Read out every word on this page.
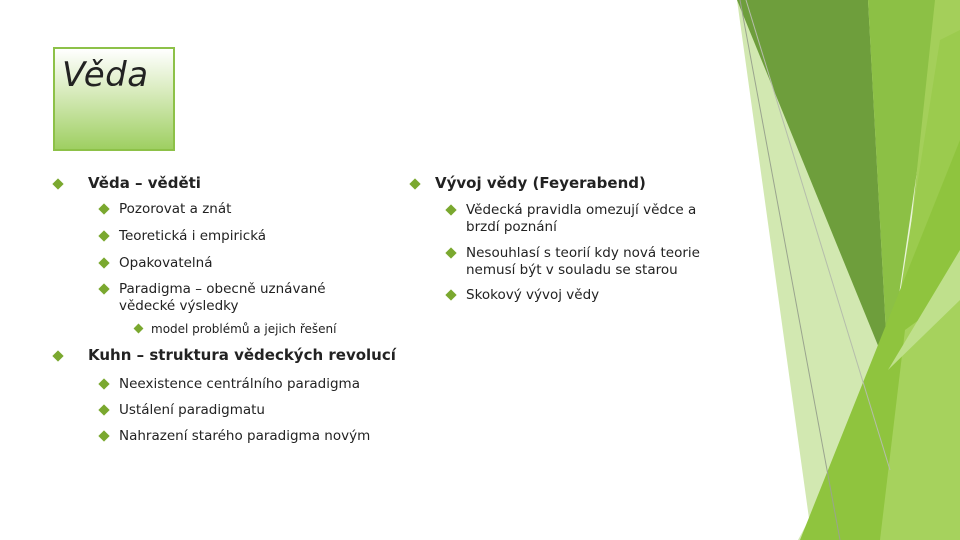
Věda
Věda – věděti
Pozorovat a znát
Teoretická i empirická
Opakovatelná
Paradigma – obecně uznávané vědecké výsledky
model problémů a jejich řešení
Kuhn – struktura vědeckých revolucí
Neexistence centrálního paradigma
Ustálení paradigmatu
Nahrazení starého paradigma novým
Vývoj vědy (Feyerabend)
Vědecká pravidla omezují vědce a brzdí poznání
Nesouhlasí s teorií kdy nová teorie nemusí být v souladu se starou
Skokový vývoj vědy
